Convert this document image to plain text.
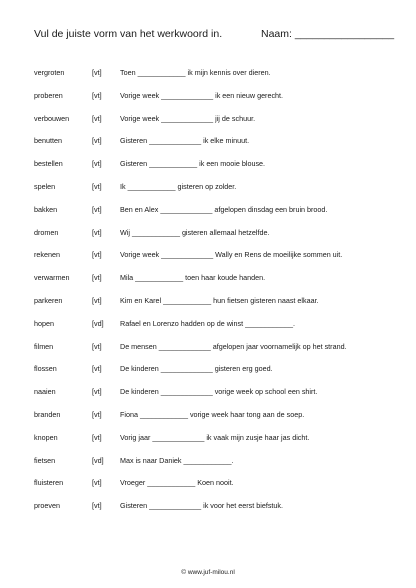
Vul de juiste vorm van het werkwoord in.	Naam: _________________
vergroten	[vt]	Toen ____________ ik mijn kennis over dieren.
proberen	[vt]	Vorige week _____________ ik een nieuw gerecht.
verbouwen	[vt]	Vorige week _____________ jij de schuur.
benutten	[vt]	Gisteren _____________ ik elke minuut.
bestellen	[vt]	Gisteren ____________ ik een mooie blouse.
spelen	[vt]	Ik ____________ gisteren op zolder.
bakken	[vt]	Ben en Alex _____________ afgelopen dinsdag een bruin brood.
dromen	[vt]	Wij ____________ gisteren allemaal hetzelfde.
rekenen	[vt]	Vorige week _____________ Wally en Rens de moeilijke sommen uit.
verwarmen	[vt]	Mila ____________ toen haar koude handen.
parkeren	[vt]	Kim en Karel ____________ hun fietsen gisteren naast elkaar.
hopen	[vd] Rafael en Lorenzo hadden op de winst ____________.
filmen	[vt]	De mensen _____________ afgelopen jaar voornamelijk op het strand.
flossen	[vt]	De kinderen _____________ gisteren erg goed.
naaien	[vt]	De kinderen _____________ vorige week op school een shirt.
branden	[vt]	Fiona ____________ vorige week haar tong aan de soep.
knopen	[vt]	Vorig jaar _____________ ik vaak mijn zusje haar jas dicht.
fietsen	[vd] Max is naar Daniek ____________.
fluisteren	[vt]	Vroeger ____________ Koen nooit.
proeven	[vt]	Gisteren _____________ ik voor het eerst biefstuk.
© www.juf-milou.nl
